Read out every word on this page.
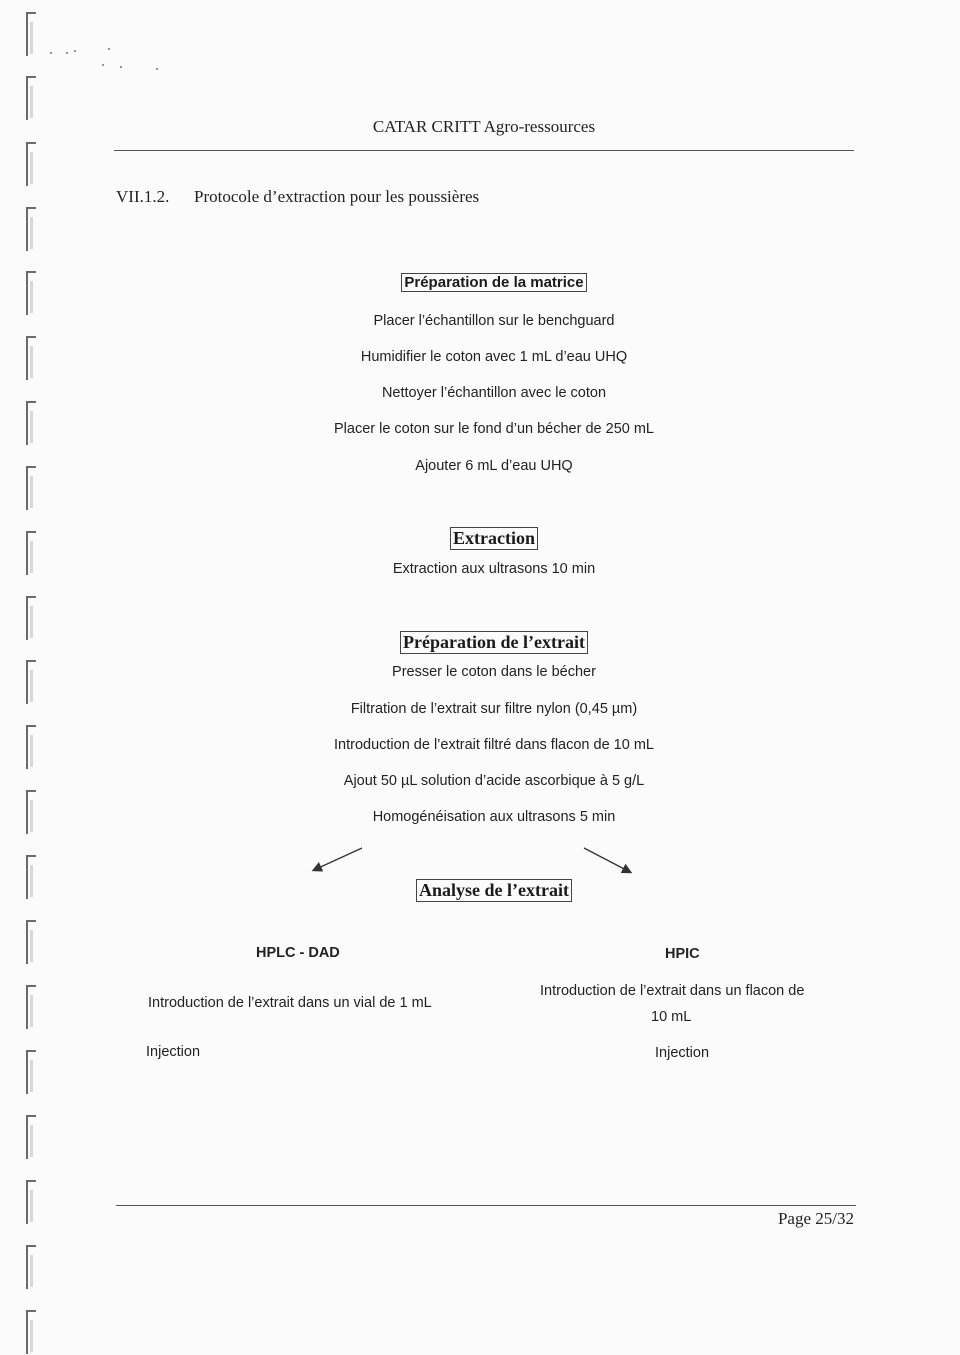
CATAR CRITT Agro-ressources
VII.1.2. Protocole d’extraction pour les poussières
Préparation de la matrice
Placer l’échantillon sur le benchguard
Humidifier le coton avec 1 mL d’eau UHQ
Nettoyer l’échantillon avec le coton
Placer le coton sur le fond d’un bécher de 250 mL
Ajouter 6 mL d’eau UHQ
Extraction
Extraction aux ultrasons 10 min
Préparation de l’extrait
Presser le coton dans le bécher
Filtration de l’extrait sur filtre nylon (0,45 µm)
Introduction de l’extrait filtré dans flacon de 10 mL
Ajout 50 µL solution d’acide ascorbique à 5 g/L
Homogénéisation aux ultrasons 5 min
Analyse de l’extrait
HPLC - DAD
Introduction de l’extrait dans un vial de 1 mL
Injection
HPIC
Introduction de l’extrait dans un flacon de
10 mL
Injection
Page 25/32
